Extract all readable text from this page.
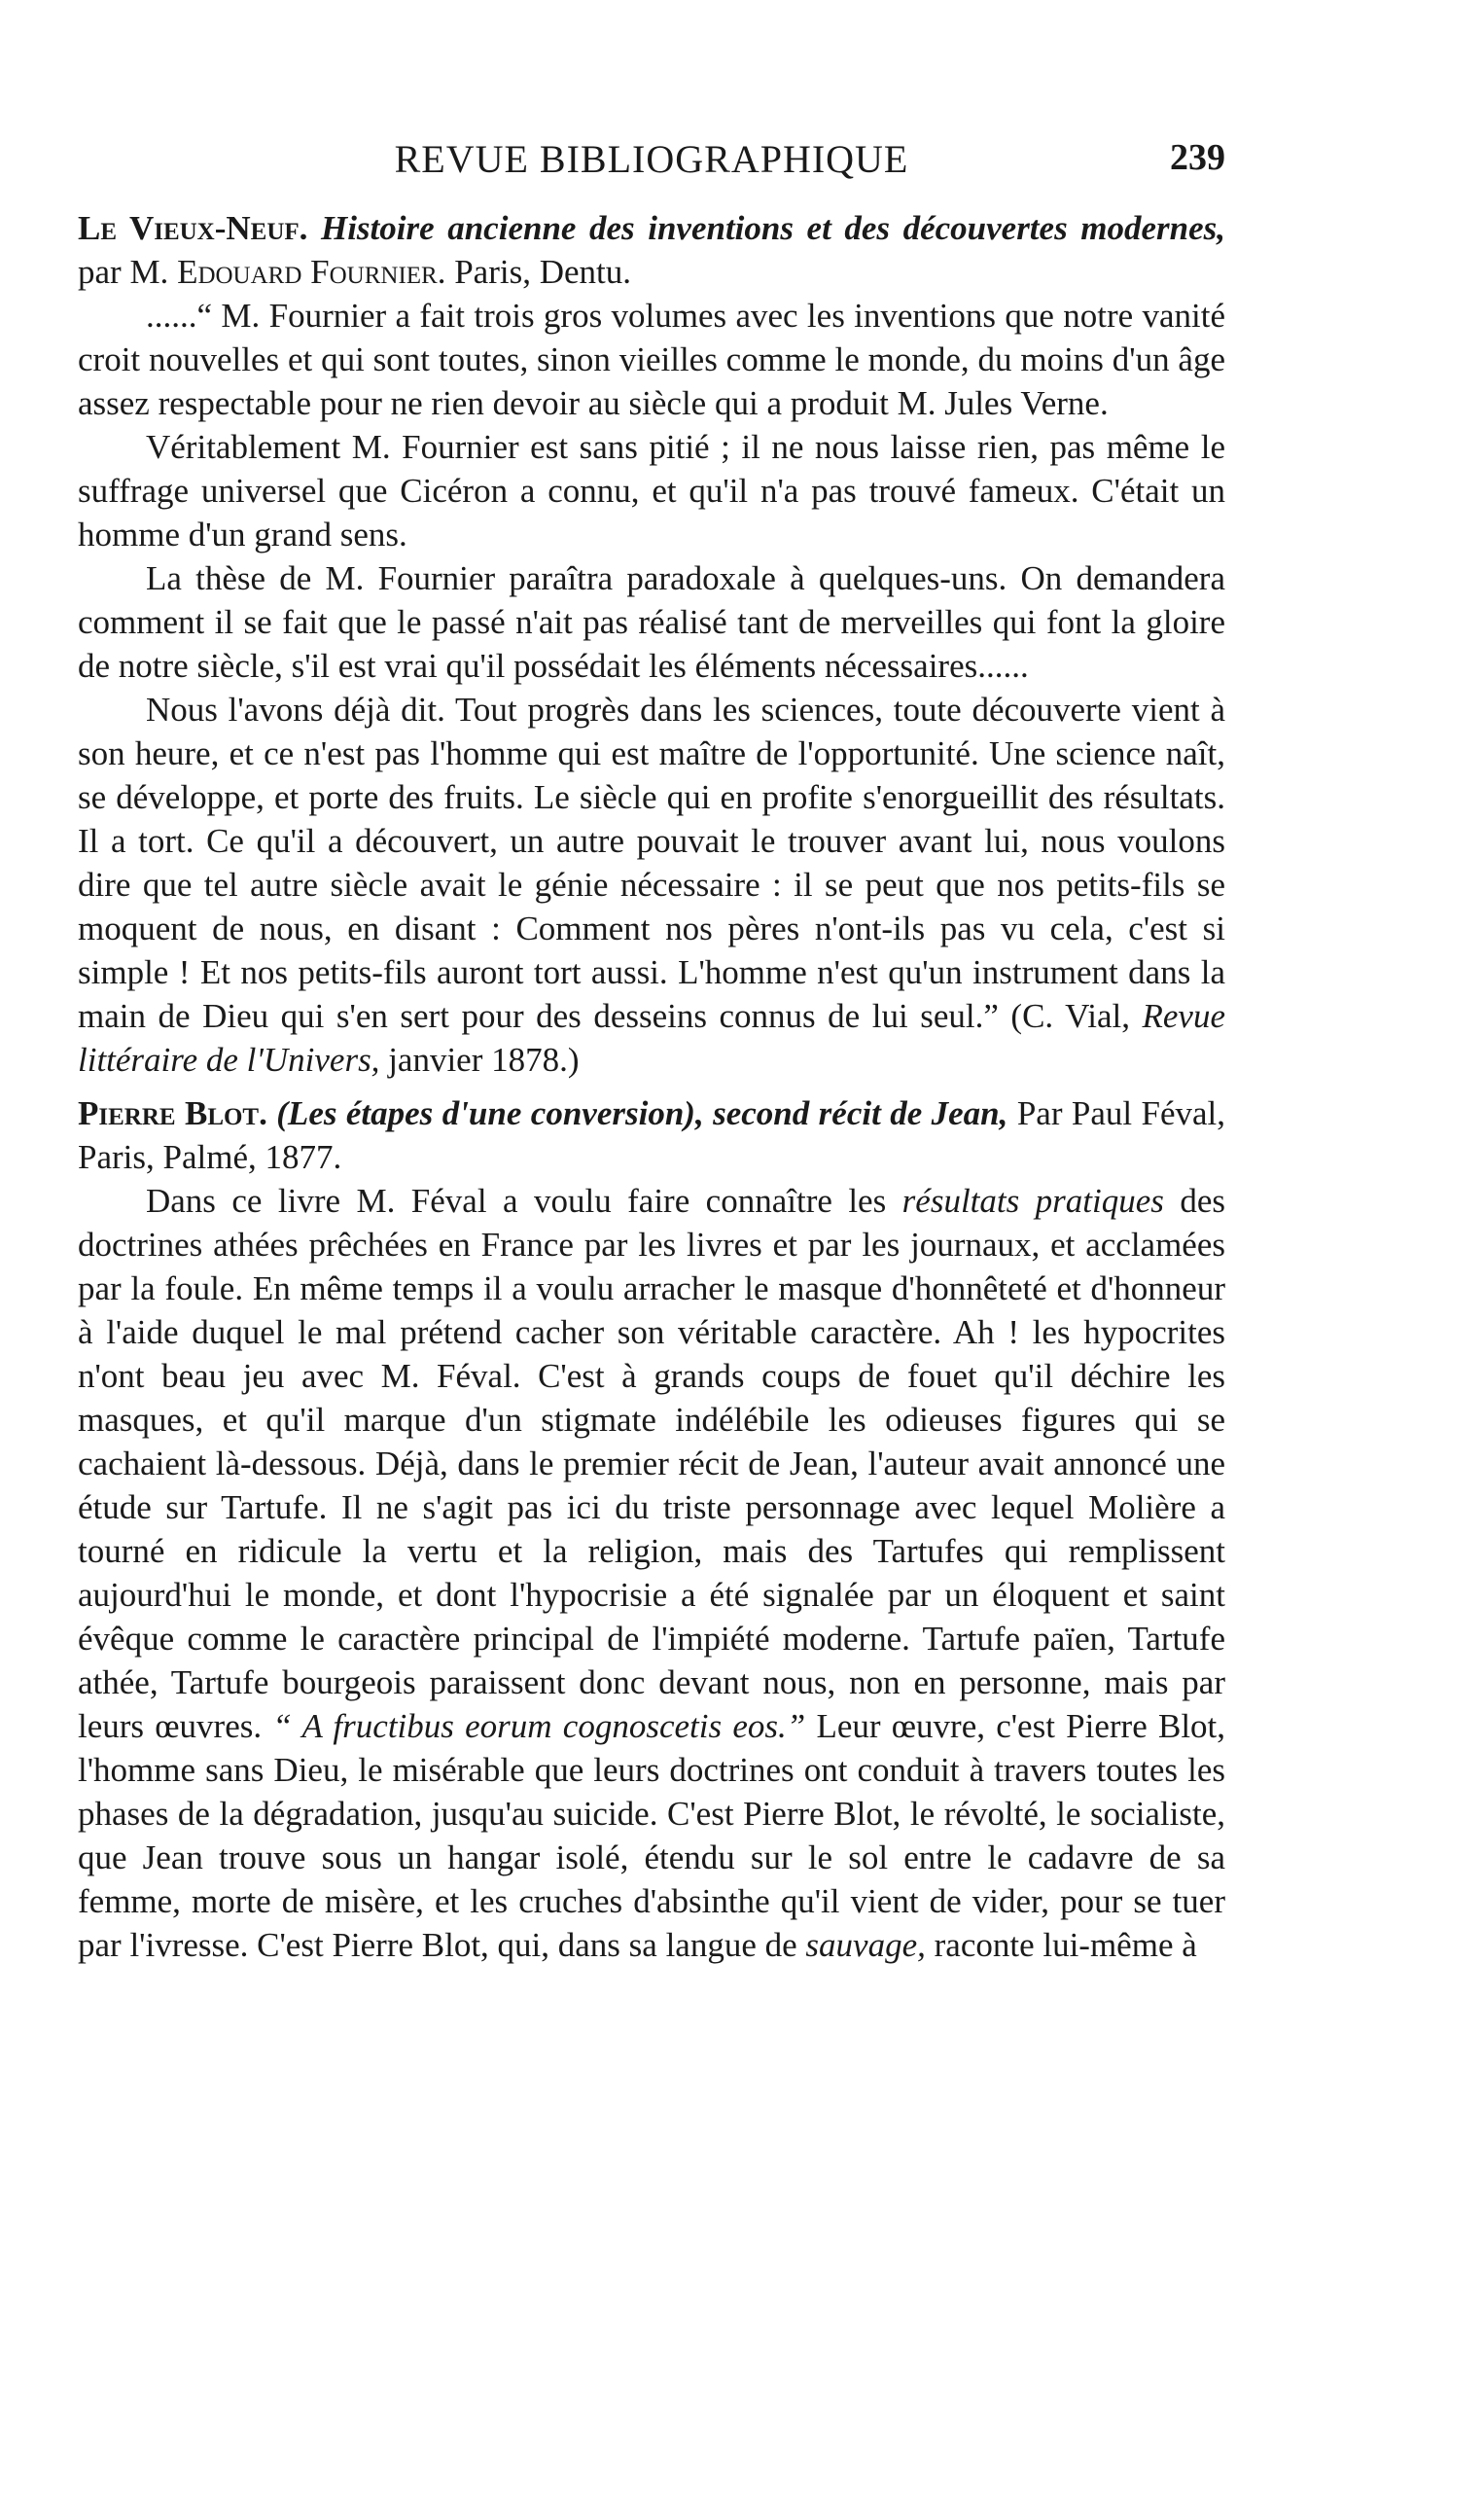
REVUE BIBLIOGRAPHIQUE	239
Le Vieux-Neuf. Histoire ancienne des inventions et des découvertes modernes, par M. Edouard Fournier. Paris, Dentu.

......“ M. Fournier a fait trois gros volumes avec les inventions que notre vanité croit nouvelles et qui sont toutes, sinon vieilles comme le monde, du moins d'un âge assez respectable pour ne rien devoir au siècle qui a produit M. Jules Verne.

Véritablement M. Fournier est sans pitié ; il ne nous laisse rien, pas même le suffrage universel que Cicéron a connu, et qu'il n'a pas trouvé fameux. C'était un homme d'un grand sens.

La thèse de M. Fournier paraîtra paradoxale à quelques-uns. On demandera comment il se fait que le passé n'ait pas réalisé tant de merveilles qui font la gloire de notre siècle, s'il est vrai qu'il possédait les éléments nécessaires......

Nous l'avons déjà dit. Tout progrès dans les sciences, toute découverte vient à son heure, et ce n'est pas l'homme qui est maître de l'opportunité. Une science naît, se développe, et porte des fruits. Le siècle qui en profite s'enorgueillit des résultats. Il a tort. Ce qu'il a découvert, un autre pouvait le trouver avant lui, nous voulons dire que tel autre siècle avait le génie nécessaire : il se peut que nos petits-fils se moquent de nous, en disant : Comment nos pères n'ont-ils pas vu cela, c'est si simple ! Et nos petits-fils auront tort aussi. L'homme n'est qu'un instrument dans la main de Dieu qui s'en sert pour des desseins connus de lui seul.” (C. Vial, Revue littéraire de l'Univers, janvier 1878.)

Pierre Blot. (Les étapes d'une conversion), second récit de Jean, Par Paul Féval, Paris, Palmé, 1877.

Dans ce livre M. Féval a voulu faire connaître les résultats pratiques des doctrines athées prêchées en France par les livres et par les journaux, et acclamées par la foule. En même temps il a voulu arracher le masque d'honnêteté et d'honneur à l'aide duquel le mal prétend cacher son véritable caractère. Ah ! les hypocrites n'ont beau jeu avec M. Féval. C'est à grands coups de fouet qu'il déchire les masques, et qu'il marque d'un stigmate indélébile les odieuses figures qui se cachaient là-dessous. Déjà, dans le premier récit de Jean, l'auteur avait annoncé une étude sur Tartufe. Il ne s'agit pas ici du triste personnage avec lequel Molière a tourné en ridicule la vertu et la religion, mais des Tartufes qui remplissent aujourd'hui le monde, et dont l'hypocrisie a été signalée par un éloquent et saint évêque comme le caractère principal de l'impiété moderne. Tartufe païen, Tartufe athée, Tartufe bourgeois paraissent donc devant nous, non en personne, mais par leurs œuvres. “ A fructibus eorum cognoscetis eos.” Leur œuvre, c'est Pierre Blot, l'homme sans Dieu, le misérable que leurs doctrines ont conduit à travers toutes les phases de la dégradation, jusqu'au suicide. C'est Pierre Blot, le révolté, le socialiste, que Jean trouve sous un hangar isolé, étendu sur le sol entre le cadavre de sa femme, morte de misère, et les cruches d'absinthe qu'il vient de vider, pour se tuer par l'ivresse. C'est Pierre Blot, qui, dans sa langue de sauvage, raconte lui-même à
